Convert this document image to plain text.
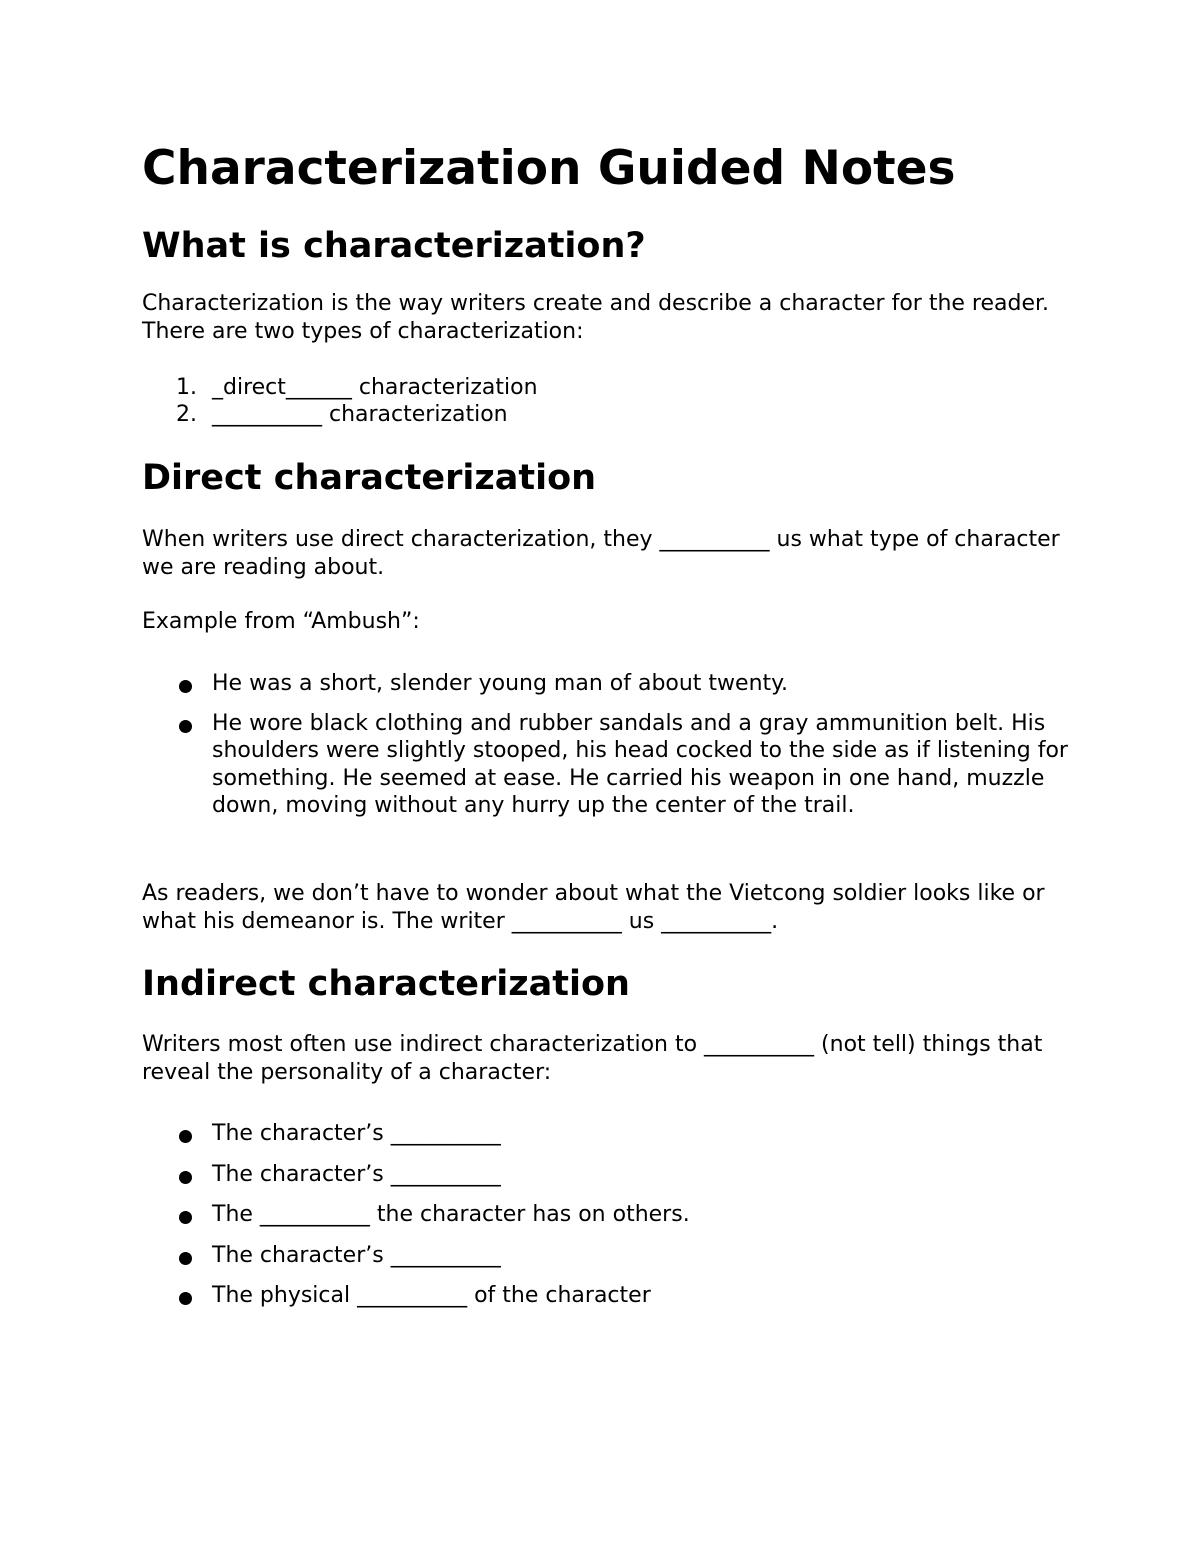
Characterization Guided Notes
What is characterization?

Characterization is the way writers create and describe a character for the reader. There are two types of characterization:

1. _direct______ characterization
2. __________ characterization
Direct characterization

When writers use direct characterization, they __________ us what type of character we are reading about.

Example from “Ambush”:

He was a short, slender young man of about twenty.
He wore black clothing and rubber sandals and a gray ammunition belt. His shoulders were slightly stooped, his head cocked to the side as if listening for something. He seemed at ease. He carried his weapon in one hand, muzzle down, moving without any hurry up the center of the trail.

As readers, we don’t have to wonder about what the Vietcong soldier looks like or what his demeanor is. The writer __________ us __________.

Indirect characterization

Writers most often use indirect characterization to __________ (not tell) things that reveal the personality of a character:

The character’s __________
The character’s __________
The __________ the character has on others.
The character’s __________
The physical __________ of the character
